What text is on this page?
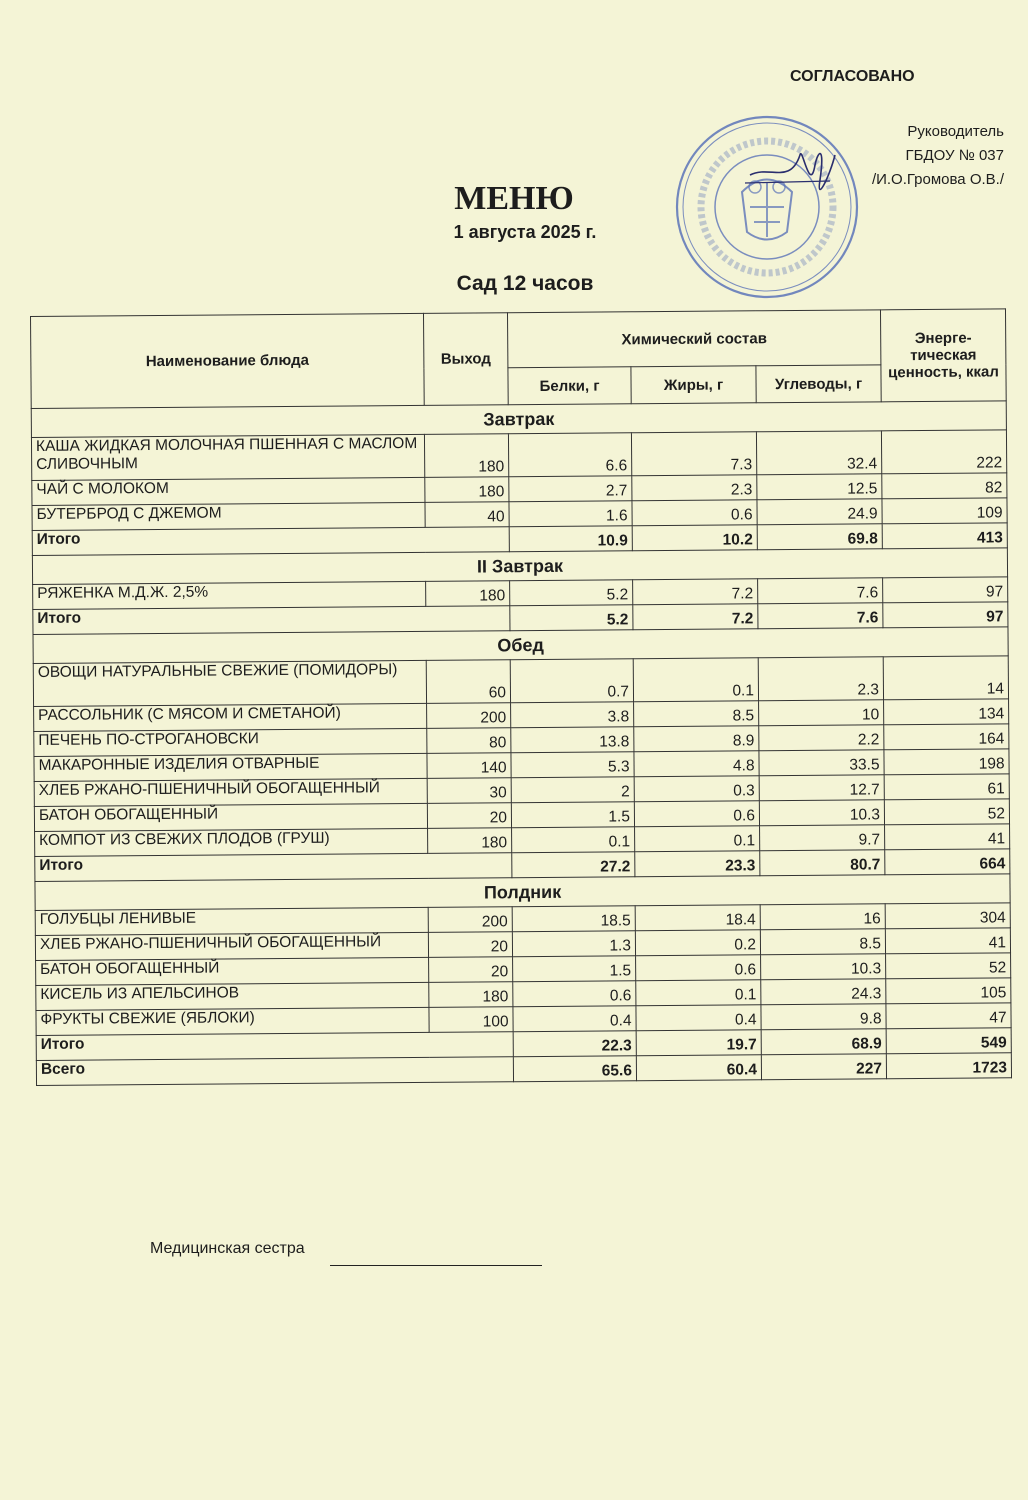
СОГЛАСОВАНО
Руководитель
ГБДОУ № 037
/И.О.Громова О.В./
МЕНЮ
1 августа 2025 г.
Сад 12 часов
Наименование блюда	Выход	Химический состав			Энерге-тическая ценность, ккал
		Белки, г	Жиры, г	Углеводы, г	
Завтрак					
КАША ЖИДКАЯ МОЛОЧНАЯ ПШЕННАЯ С МАСЛОМ СЛИВОЧНЫМ	180	6.6	7.3	32.4	222
ЧАЙ С МОЛОКОМ	180	2.7	2.3	12.5	82
БУТЕРБРОД С ДЖЕМОМ	40	1.6	0.6	24.9	109
Итого		10.9	10.2	69.8	413
II Завтрак					
РЯЖЕНКА М.Д.Ж. 2,5%	180	5.2	7.2	7.6	97
Итого		5.2	7.2	7.6	97
Обед					
ОВОЩИ НАТУРАЛЬНЫЕ СВЕЖИЕ (ПОМИДОРЫ)	60	0.7	0.1	2.3	14
РАССОЛЬНИК (С МЯСОМ И СМЕТАНОЙ)	200	3.8	8.5	10	134
ПЕЧЕНЬ ПО-СТРОГАНОВСКИ	80	13.8	8.9	2.2	164
МАКАРОННЫЕ ИЗДЕЛИЯ ОТВАРНЫЕ	140	5.3	4.8	33.5	198
ХЛЕБ РЖАНО-ПШЕНИЧНЫЙ ОБОГАЩЕННЫЙ	30	2	0.3	12.7	61
БАТОН ОБОГАЩЕННЫЙ	20	1.5	0.6	10.3	52
КОМПОТ ИЗ СВЕЖИХ ПЛОДОВ (ГРУШ)	180	0.1	0.1	9.7	41
Итого		27.2	23.3	80.7	664
Полдник					
ГОЛУБЦЫ ЛЕНИВЫЕ	200	18.5	18.4	16	304
ХЛЕБ РЖАНО-ПШЕНИЧНЫЙ ОБОГАЩЕННЫЙ	20	1.3	0.2	8.5	41
БАТОН ОБОГАЩЕННЫЙ	20	1.5	0.6	10.3	52
КИСЕЛЬ ИЗ АПЕЛЬСИНОВ	180	0.6	0.1	24.3	105
ФРУКТЫ СВЕЖИЕ (ЯБЛОКИ)	100	0.4	0.4	9.8	47
Итого		22.3	19.7	68.9	549
Всего		65.6	60.4	227	1723
Медицинская сестра
